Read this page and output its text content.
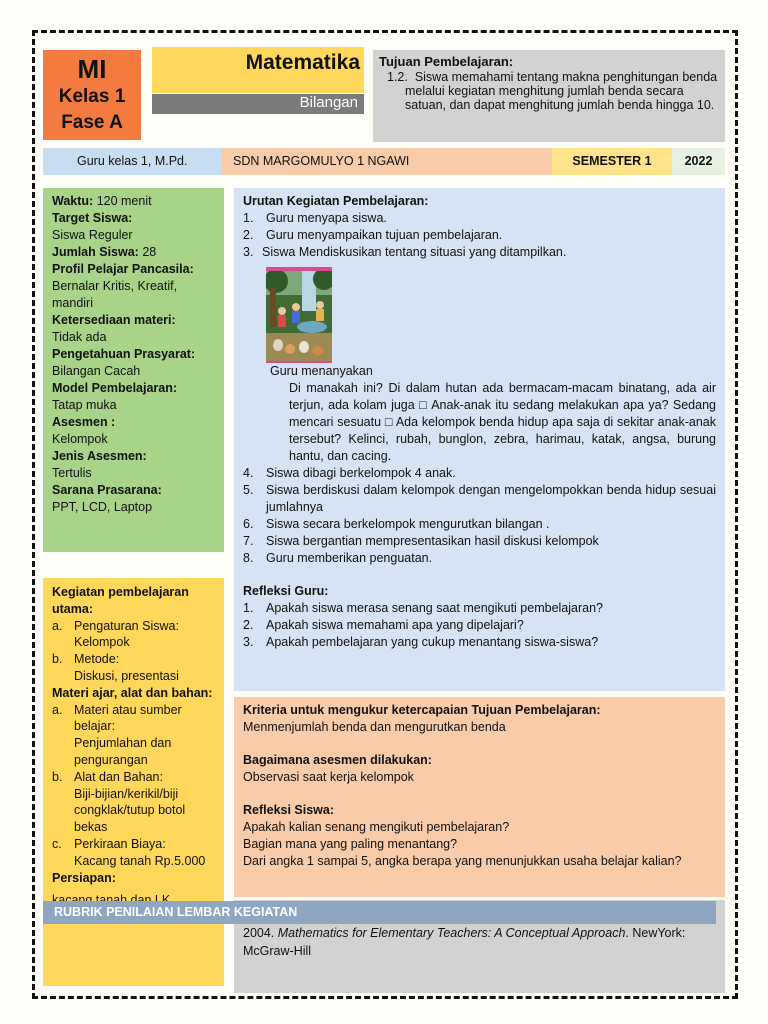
MI
Kelas 1
Fase A
Matematika
Bilangan
Tujuan Pembelajaran:
1.2. Siswa memahami tentang makna penghitungan benda melalui kegiatan menghitung jumlah benda secara satuan, dan dapat menghitung jumlah benda hingga 10.
Guru kelas 1, M.Pd.	SDN MARGOMULYO 1 NGAWI	SEMESTER 1	2022
Waktu: 120 menit
Target Siswa:
Siswa Reguler
Jumlah Siswa: 28
Profil Pelajar Pancasila:
Bernalar Kritis, Kreatif, mandiri
Ketersediaan materi:
Tidak ada
Pengetahuan Prasyarat:
Bilangan Cacah
Model Pembelajaran:
Tatap muka
Asesmen :
Kelompok
Jenis Asesmen:
Tertulis
Sarana Prasarana:
PPT, LCD, Laptop
Kegiatan pembelajaran utama:
a. Pengaturan Siswa:
Kelompok
b. Metode:
Diskusi, presentasi
Materi ajar, alat dan bahan:
a. Materi atau sumber belajar:
Penjumlahan dan pengurangan
b. Alat dan Bahan:
Biji-bijian/kerikil/biji congklak/tutup botol bekas
c. Perkiraan Biaya:
Kacang tanah Rp.5.000
Persiapan:
Urutan Kegiatan Pembelajaran:
1.	Guru menyapa siswa.
2.	Guru menyampaikan tujuan pembelajaran.
3. Siswa Mendiskusikan tentang situasi yang ditampilkan.
Guru menanyakan
Di manakah ini? Di dalam hutan ada bermacam-macam binatang, ada air terjun, ada kolam juga □ Anak-anak itu sedang melakukan apa ya? Sedang mencari sesuatu □ Ada kelompok benda hidup apa saja di sekitar anak-anak tersebut? Kelinci, rubah, bunglon, zebra, harimau, katak, angsa, burung hantu, dan cacing.
4.	Siswa dibagi berkelompok 4 anak.
5.	Siswa berdiskusi dalam kelompok dengan mengelompokkan benda hidup sesuai jumlahnya
6.	Siswa secara berkelompok mengurutkan bilangan .
7.	Siswa bergantian mempresentasikan hasil diskusi kelompok
8.	Guru memberikan penguatan.
Refleksi Guru:
1.	Apakah siswa merasa senang saat mengikuti pembelajaran?
2.	Apakah siswa memahami apa yang dipelajari?
3.	Apakah pembelajaran yang cukup menantang siswa-siswa?
Kriteria untuk mengukur ketercapaian Tujuan Pembelajaran:
Menmenjumlah benda dan mengurutkan benda
Bagaimana asesmen dilakukan:
Observasi saat kerja kelompok
Refleksi Siswa:
Apakah kalian senang mengikuti pembelajaran?
Bagian mana yang paling menantang?
Dari angka 1 sampai 5, angka berapa yang menunjukkan usaha belajar kalian?
2004. Mathematics for Elementary Teachers: A Conceptual Approach. NewYork: McGraw-Hill
RUBRIK PENILAIAN LEMBAR KEGIATAN
